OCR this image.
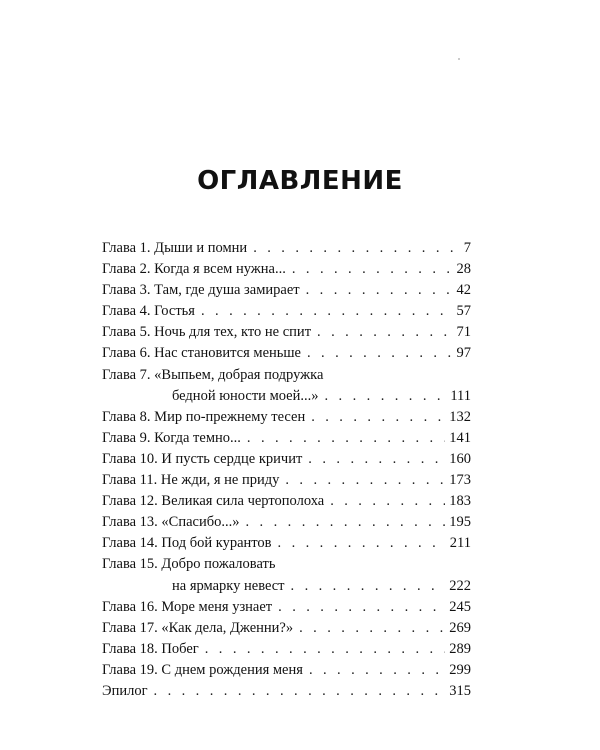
ОГЛАВЛЕНИЕ
Глава 1. Дыши и помни . . .	7
Глава 2. Когда я всем нужна... . . .	28
Глава 3. Там, где душа замирает . . .	42
Глава 4. Гостья . . .	57
Глава 5. Ночь для тех, кто не спит . . .	71
Глава 6. Нас становится меньше . . .	97
Глава 7. «Выпьем, добрая подружка
бедной юности моей...» . . .	111
Глава 8. Мир по-прежнему тесен . . .	132
Глава 9. Когда темно... . . .	141
Глава 10. И пусть сердце кричит . . .	160
Глава 11. Не жди, я не приду . . .	173
Глава 12. Великая сила чертополоха . . .	183
Глава 13. «Спасибо...» . . .	195
Глава 14. Под бой курантов . . .	211
Глава 15. Добро пожаловать
на ярмарку невест . . .	222
Глава 16. Море меня узнает . . .	245
Глава 17. «Как дела, Дженни?» . . .	269
Глава 18. Побег . . .	289
Глава 19. С днем рождения меня . . .	299
Эпилог . . .	315
